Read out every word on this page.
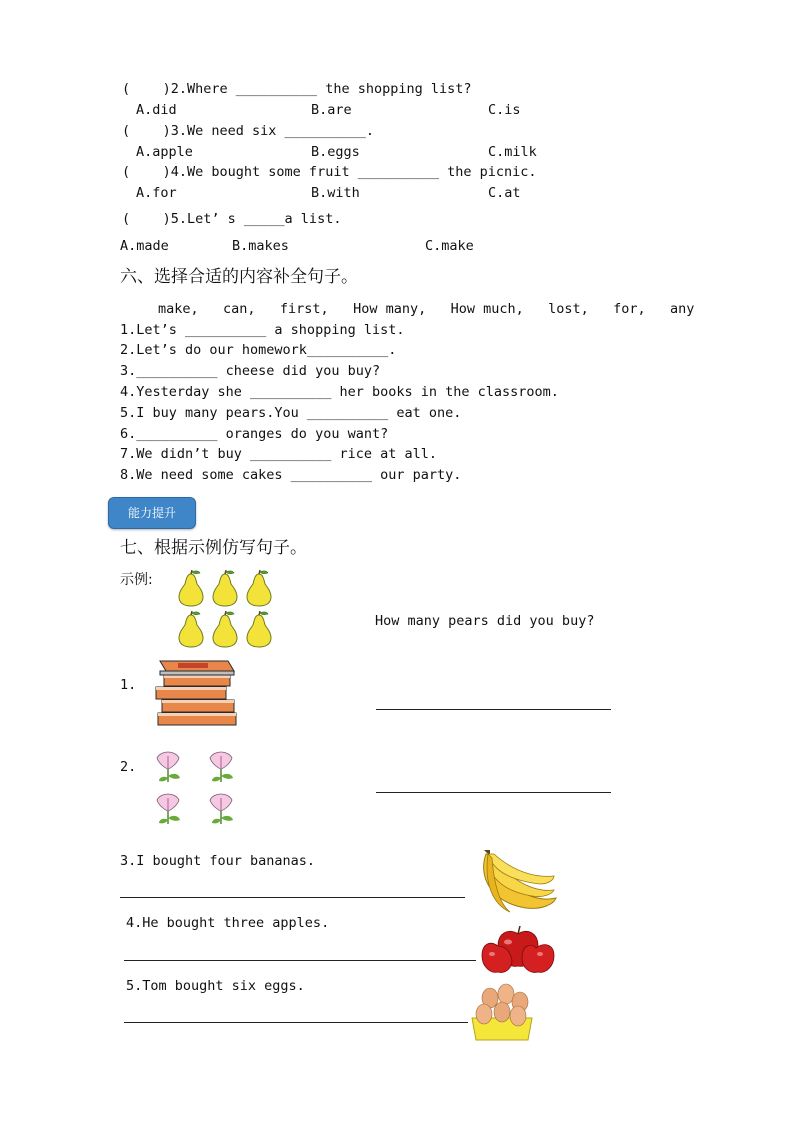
(    )2.Where __________ the shopping list?
A.did	B.are	C.is
(    )3.We need six __________.
A.apple	B.eggs	C.milk
(    )4.We bought some fruit __________ the picnic.
A.for	B.with	C.at
(    )5.Let’ s _____a list.
A.made	B.makes	C.make
六、选择合适的内容补全句子。
make,   can,   first,   How many,   How much,   lost,   for,   any
1.Let’s __________ a shopping list.
2.Let’s do our homework__________.
3.__________ cheese did you buy?
4.Yesterday she __________ her books in the classroom.
5.I buy many pears.You __________ eat one.
6.__________ oranges do you want?
7.We didn’t buy __________ rice at all.
8.We need some cakes __________ our party.
能力提升
七、根据示例仿写句子。
示例:
How many pears did you buy?
1.
2.
3.I bought four bananas.
4.He bought three apples.
5.Tom bought six eggs.
